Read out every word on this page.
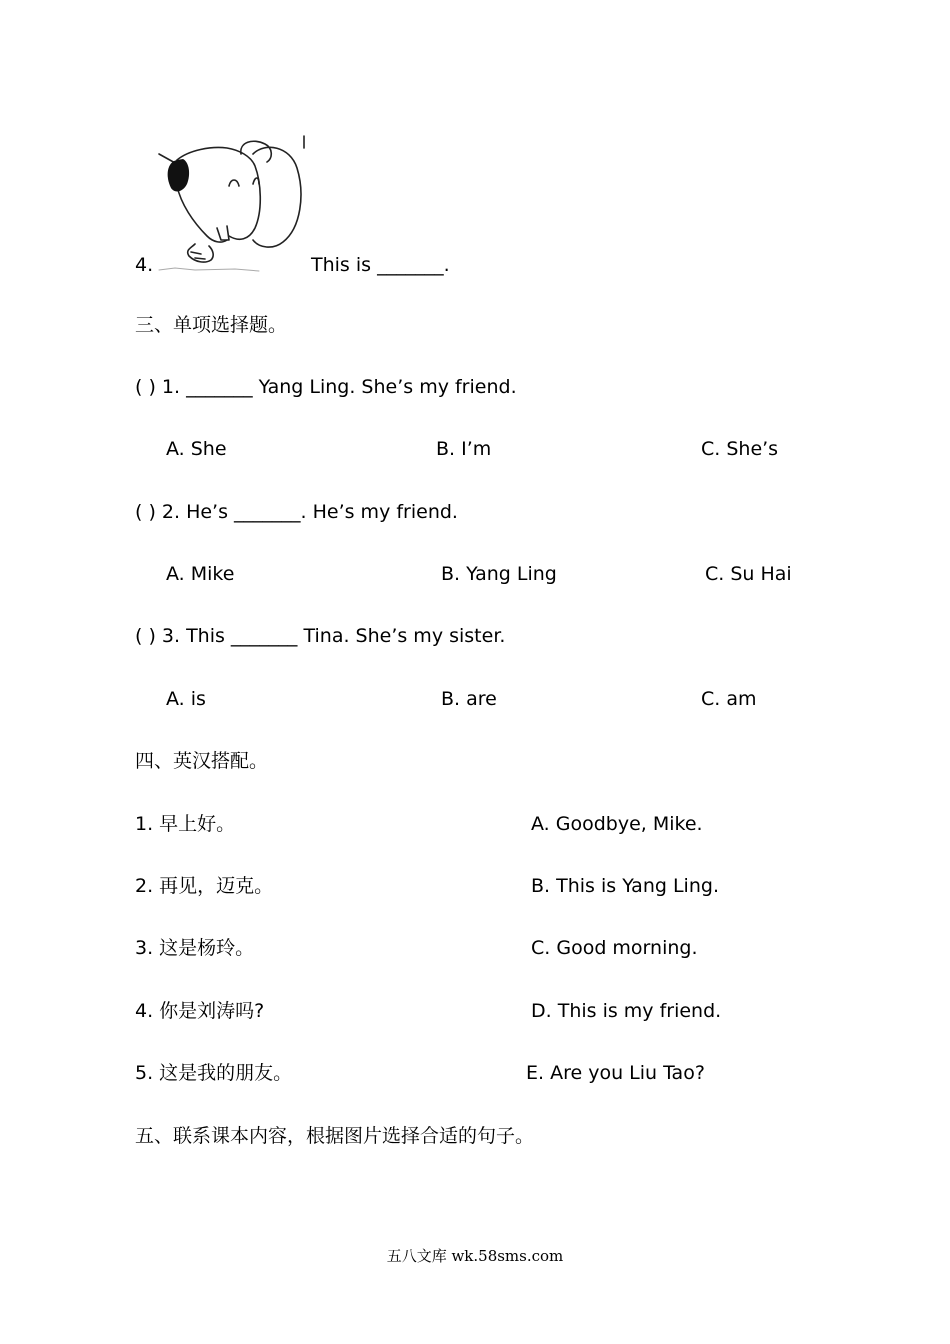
4.	This is _______.
三、单项选择题。
( ) 1. _______ Yang Ling. She’s my friend.
A. She	B. I’m	C. She’s
( ) 2. He’s _______. He’s my friend.
A. Mike	B. Yang Ling	C. Su Hai
( ) 3. This _______ Tina. She’s my sister.
A. is	B. are	C. am
四、英汉搭配。
1. 早上好。	A. Goodbye, Mike.
2. 再见，迈克。	B. This is Yang Ling.
3. 这是杨玲。	C. Good morning.
4. 你是刘涛吗?	D. This is my friend.
5. 这是我的朋友。	E. Are you Liu Tao?
五、联系课本内容，根据图片选择合适的句子。
五八文库 wk.58sms.com
